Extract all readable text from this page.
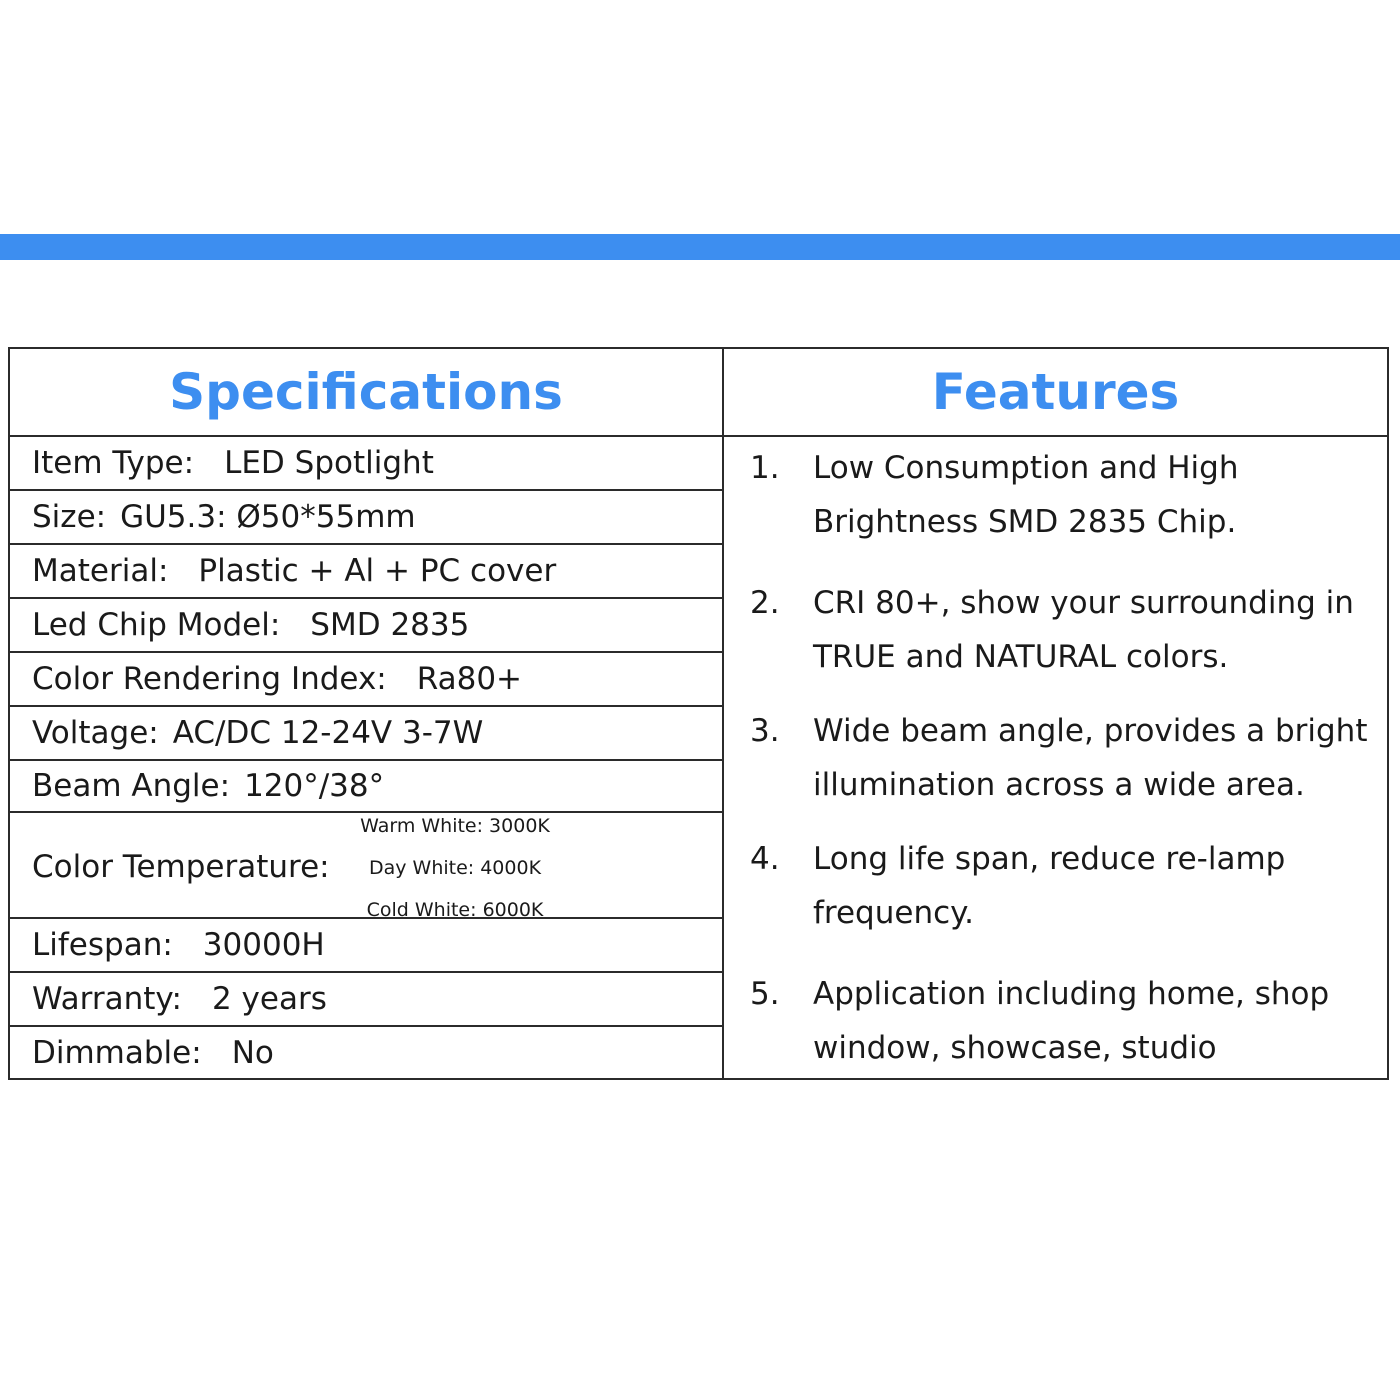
Specifications	Features
Item Type: LED Spotlight
Size: GU5.3: Ø50*55mm
Material: Plastic + Al + PC cover
Led Chip Model: SMD 2835
Color Rendering Index: Ra80+
Voltage: AC/DC 12-24V 3-7W
Beam Angle: 120°/38°
Color Temperature:
Warm White: 3000K
Day White: 4000K
Cold White: 6000K
Lifespan: 30000H
Warranty: 2 years
Dimmable: No
1. Low Consumption and High
Brightness SMD 2835 Chip.
2. CRI 80+, show your surrounding in
TRUE and NATURAL colors.
3. Wide beam angle, provides a bright
illumination across a wide area.
4. Long life span, reduce re-lamp
frequency.
5. Application including home, shop
window, showcase, studio
